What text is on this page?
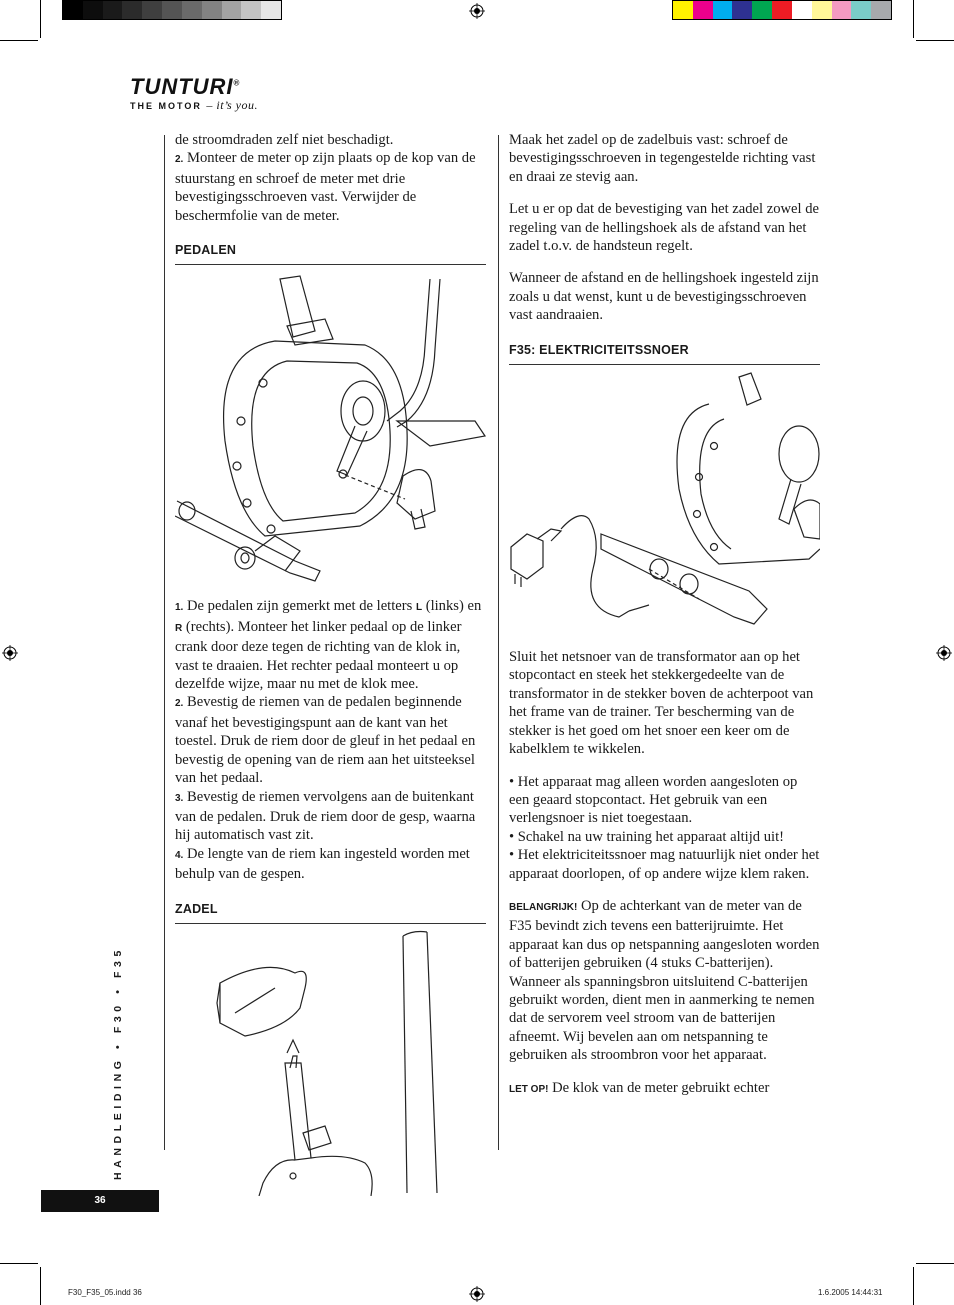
TUNTURI®
THE MOTOR – it’s you.

de stroomdraden zelf niet beschadigt.

2. Monteer de meter op zijn plaats op de kop van de stuurstang en schroef de meter met drie bevestigingsschroeven vast. Verwijder de beschermfolie van de meter.

PEDALEN

1. De pedalen zijn gemerkt met de letters L (links) en R (rechts). Monteer het linker pedaal op de linker crank door deze tegen de richting van de klok in, vast te draaien. Het rechter pedaal monteert u op dezelfde wijze, maar nu met de klok mee.

2. Bevestig de riemen van de pedalen beginnende vanaf het bevestigingspunt aan de kant van het toestel. Druk de riem door de gleuf in het pedaal en bevestig de opening van de riem aan het uitsteeksel van het pedaal.

3. Bevestig de riemen vervolgens aan de buitenkant van de pedalen. Druk de riem door de gesp, waarna hij automatisch vast zit.

4. De lengte van de riem kan ingesteld worden met behulp van de gespen.

ZADEL

Maak het zadel op de zadelbuis vast: schroef de bevestigingsschroeven in tegengestelde richting vast en draai ze stevig aan.

Let u er op dat de bevestiging van het zadel zowel de regeling van de hellingshoek als de afstand van het zadel t.o.v. de handsteun regelt.

Wanneer de afstand en de hellingshoek ingesteld zijn zoals u dat wenst, kunt u de bevestigingsschroeven vast aandraaien.

F35: ELEKTRICITEITSSNOER

Sluit het netsnoer van de transformator aan op het stopcontact en steek het stekkergedeelte van de transformator in de stekker boven de achterpoot van het frame van de trainer. Ter bescherming van de stekker is het goed om het snoer een keer om de kabelklem te wikkelen.

• Het apparaat mag alleen worden aangesloten op een geaard stopcontact. Het gebruik van een verlengsnoer is niet toegestaan.

• Schakel na uw training het apparaat altijd uit!

• Het elektriciteitssnoer mag natuurlijk niet onder het apparaat doorlopen, of op andere wijze klem raken.

BELANGRIJK! Op de achterkant van de meter van de F35 bevindt zich tevens een batterijruimte. Het apparaat kan dus op netspanning aangesloten worden of batterijen gebruiken (4 stuks C-batterijen). Wanneer als spanningsbron uitsluitend C-batterijen gebruikt worden, dient men in aanmerking te nemen dat de servorem veel stroom van de batterijen afneemt. Wij bevelen aan om netspanning te gebruiken als stroombron voor het apparaat.

LET OP! De klok van de meter gebruikt echter

HANDLEIDING • F30 • F35
36
F30_F35_05.indd 36	1.6.2005 14:44:31
